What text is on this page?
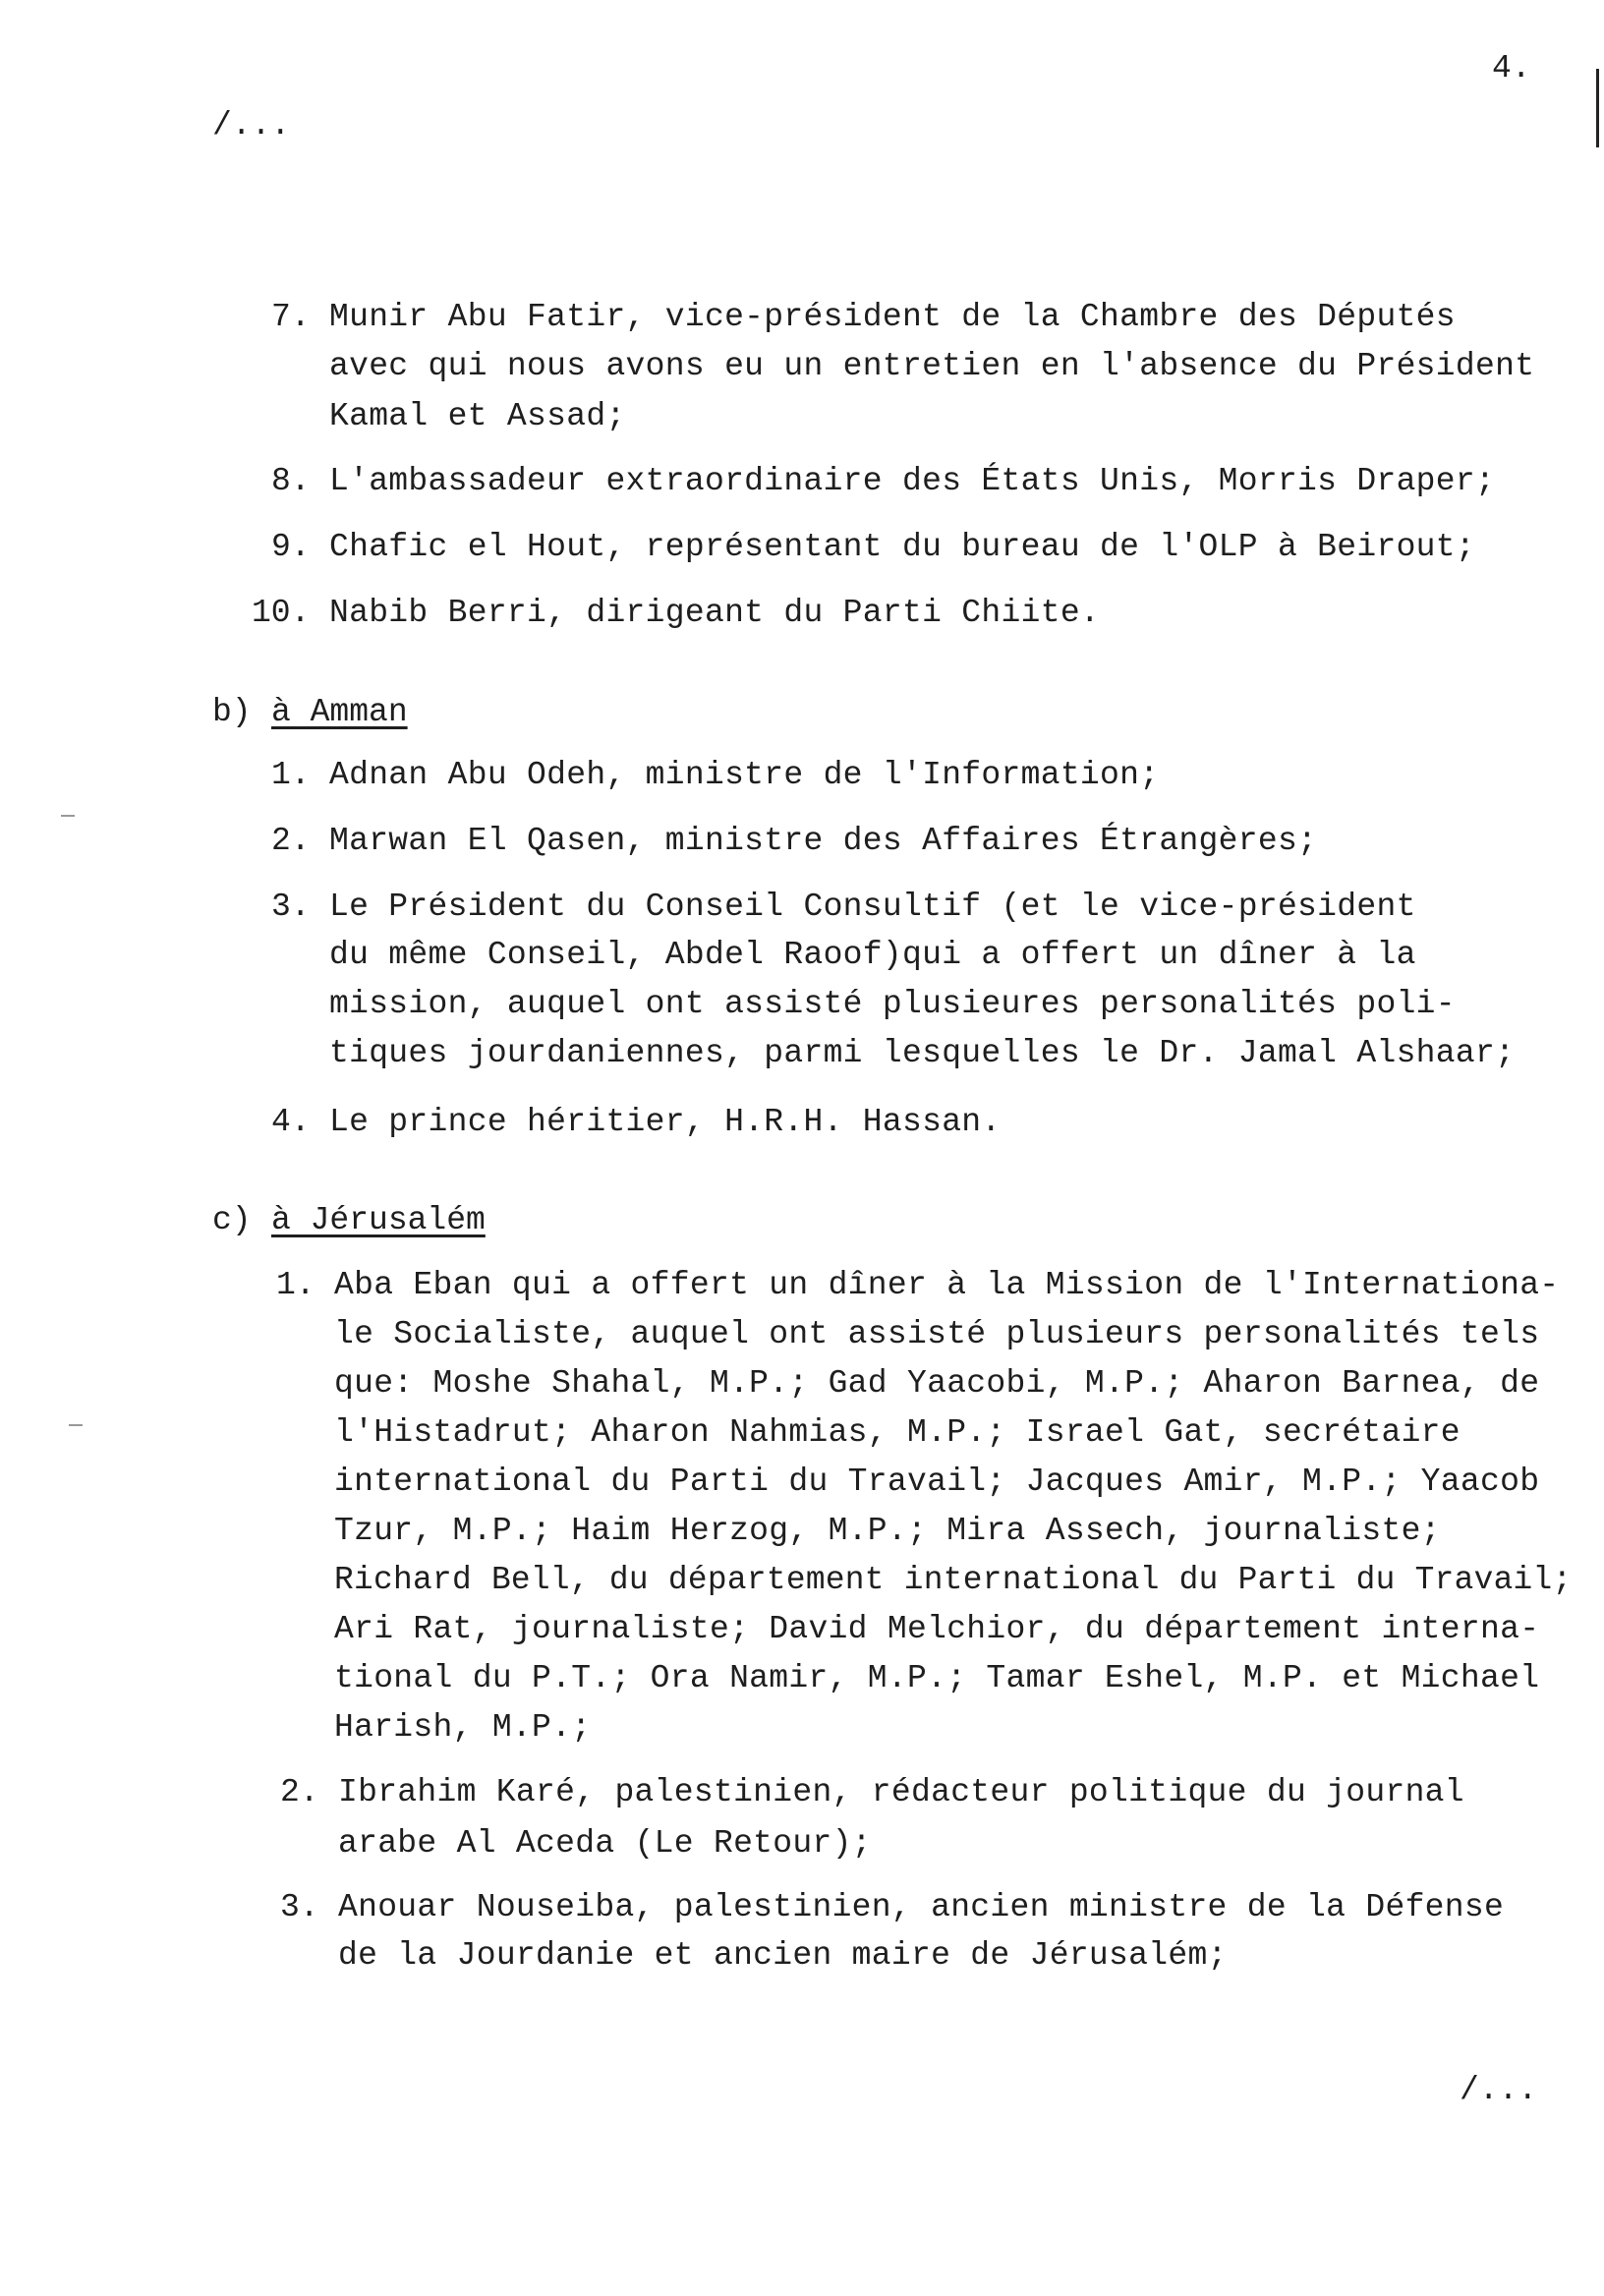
4.
/...
7. Munir Abu Fatir, vice-président de la Chambre des Députés
avec qui nous avons eu un entretien en l'absence du Président
Kamal et Assad;
8. L'ambassadeur extraordinaire des États Unis, Morris Draper;
9. Chafic el Hout, représentant du bureau de l'OLP à Beirout;
10. Nabib Berri, dirigeant du Parti Chiite.
b) à Amman
1. Adnan Abu Odeh, ministre de l'Information;
2. Marwan El Qasen, ministre des Affaires Étrangères;
3. Le Président du Conseil Consultif (et le vice-président
du même Conseil, Abdel Raoof)qui a offert un dîner à la
mission, auquel ont assisté plusieures personalités poli-
tiques jourdaniennes, parmi lesquelles le Dr. Jamal Alshaar;
4. Le prince héritier, H.R.H. Hassan.
c) à Jérusalém
1. Aba Eban qui a offert un dîner à la Mission de l'Internationa-
le Socialiste, auquel ont assisté plusieurs personalités tels
que: Moshe Shahal, M.P.; Gad Yaacobi, M.P.; Aharon Barnea, de
l'Histadrut; Aharon Nahmias, M.P.; Israel Gat, secrétaire
international du Parti du Travail; Jacques Amir, M.P.; Yaacob
Tzur, M.P.; Haim Herzog, M.P.; Mira Assech, journaliste;
Richard Bell, du département international du Parti du Travail;
Ari Rat, journaliste; David Melchior, du département interna-
tional du P.T.; Ora Namir, M.P.; Tamar Eshel, M.P. et Michael
Harish, M.P.;
2. Ibrahim Karé, palestinien, rédacteur politique du journal
arabe Al Aceda (Le Retour);
3. Anouar Nouseiba, palestinien, ancien ministre de la Défense
de la Jourdanie et ancien maire de Jérusalém;
/...
